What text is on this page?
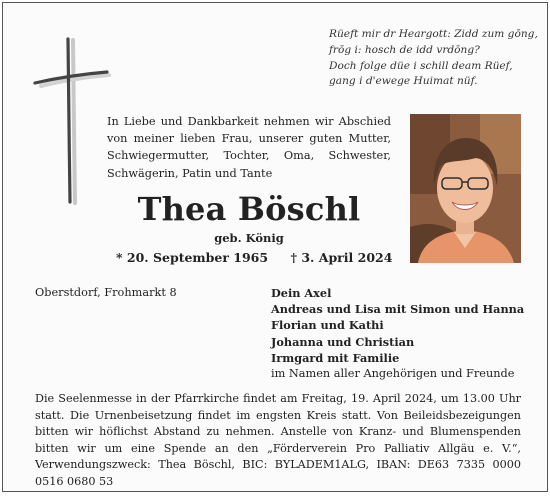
Rüeft mir dr Heargott: Zidd zum gōng,
frōg i: hosch de idd vrdōng?
Doch folge düe i schill deam Rüef,
gang i d'ewege Huimat nüf.
In Liebe und Dankbarkeit nehmen wir Abschied von meiner lieben Frau, unserer guten Mutter, Schwiegermutter, Tochter, Oma, Schwester, Schwägerin, Patin und Tante
Thea Böschl
geb. König
* 20. September 1965 † 3. April 2024
Oberstdorf, Frohmarkt 8	Dein Axel
Andreas und Lisa mit Simon und Hanna
Florian und Kathi
Johanna und Christian
Irmgard mit Familie
im Namen aller Angehörigen und Freunde
Die Seelenmesse in der Pfarrkirche findet am Freitag, 19. April 2024, um 13.00 Uhr statt. Die Urnenbeisetzung findet im engsten Kreis statt. Von Beileidsbezeigungen bitten wir höflichst Abstand zu nehmen. Anstelle von Kranz- und Blumenspenden bitten wir um eine Spende an den „Förderverein Pro Palliativ Allgäu e. V.“, Verwendungszweck: Thea Böschl, BIC: BYLADEM1ALG, IBAN: DE63 7335 0000 0516 0680 53
